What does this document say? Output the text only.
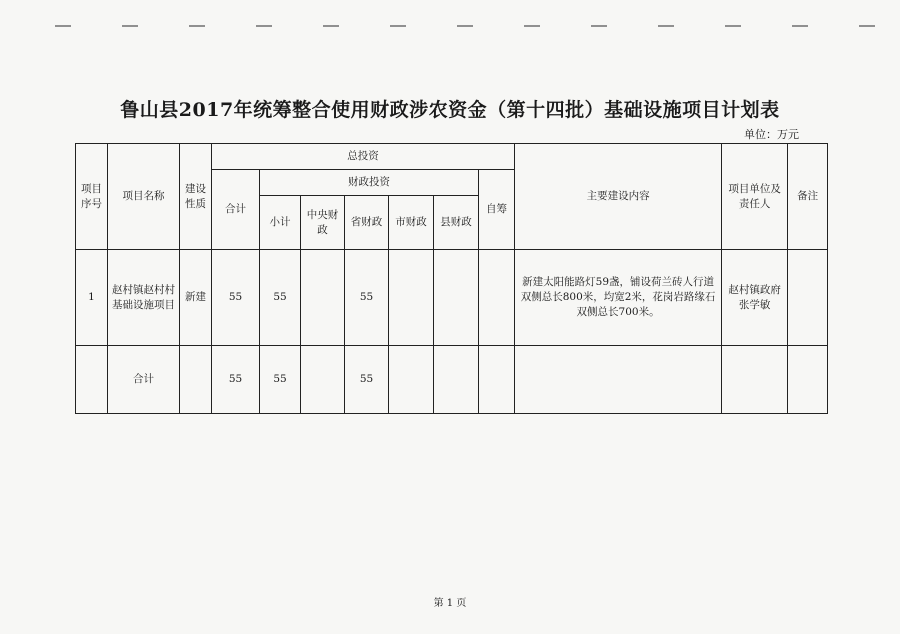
鲁山县2017年统筹整合使用财政涉农资金（第十四批）基础设施项目计划表
单位：万元
项目序号	项目名称	建设性质	总投资							主要建设内容	项目单位及责任人	备注
			合计	财政投资					自筹			
				小计	中央财政	省财政	市财政	县财政				
1	赵村镇赵村村基础设施项目	新建	55	55		55				新建太阳能路灯59盏，铺设荷兰砖人行道双侧总长800米，均宽2米，花岗岩路缘石双侧总长700米。	赵村镇政府张学敏	
	合计		55	55		55						
第 1 页
